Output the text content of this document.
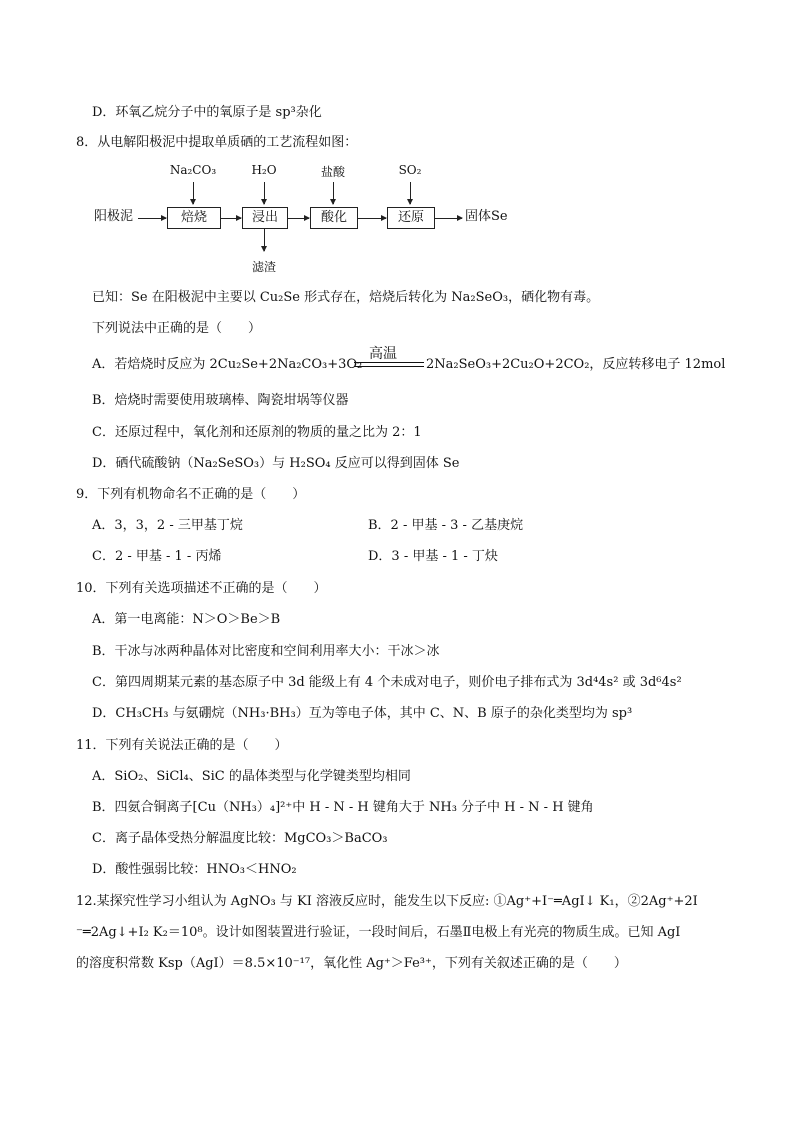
D．环氧乙烷分子中的氧原子是 sp³杂化
8．从电解阳极泥中提取单质硒的工艺流程如图：
Na₂CO₃	H₂O	盐酸	SO₂
阳极泥	焙烧	浸出	酸化	还原	固体Se
滤渣
已知：Se 在阳极泥中主要以 Cu₂Se 形式存在，焙烧后转化为 Na₂SeO₃，硒化物有毒。
下列说法中正确的是（　　）
A．若焙烧时反应为 2Cu₂Se+2Na₂CO₃+3O₂
高温
2Na₂SeO₃+2Cu₂O+2CO₂，反应转移电子 12mol
B．焙烧时需要使用玻璃棒、陶瓷坩埚等仪器
C．还原过程中，氧化剂和还原剂的物质的量之比为 2：1
D．硒代硫酸钠（Na₂SeSO₃）与 H₂SO₄ 反应可以得到固体 Se
9．下列有机物命名不正确的是（　　）
A．3，3，2 - 三甲基丁烷	B．2 - 甲基 - 3 - 乙基庚烷
C．2 - 甲基 - 1 - 丙烯	D．3 - 甲基 - 1 - 丁炔
10．下列有关选项描述不正确的是（　　）
A．第一电离能：N＞O＞Be＞B
B．干冰与冰两种晶体对比密度和空间利用率大小：干冰＞冰
C．第四周期某元素的基态原子中 3d 能级上有 4 个未成对电子，则价电子排布式为 3d⁴4s² 或 3d⁶4s²
D．CH₃CH₃ 与氨硼烷（NH₃·BH₃）互为等电子体，其中 C、N、B 原子的杂化类型均为 sp³
11．下列有关说法正确的是（　　）
A．SiO₂、SiCl₄、SiC 的晶体类型与化学键类型均相同
B．四氨合铜离子[Cu（NH₃）₄]²⁺中 H - N - H 键角大于 NH₃ 分子中 H - N - H 键角
C．离子晶体受热分解温度比较：MgCO₃＞BaCO₃
D．酸性强弱比较：HNO₃＜HNO₂
12.某探究性学习小组认为 AgNO₃ 与 KI 溶液反应时，能发生以下反应: ①Ag⁺+I⁻═AgI↓ K₁，②2Ag⁺+2I
⁻═2Ag↓+I₂ K₂＝10⁸。设计如图装置进行验证，一段时间后，石墨Ⅱ电极上有光亮的物质生成。已知 AgI
的溶度积常数 Ksp（AgI）＝8.5×10⁻¹⁷，氧化性 Ag⁺＞Fe³⁺，下列有关叙述正确的是（　　）
